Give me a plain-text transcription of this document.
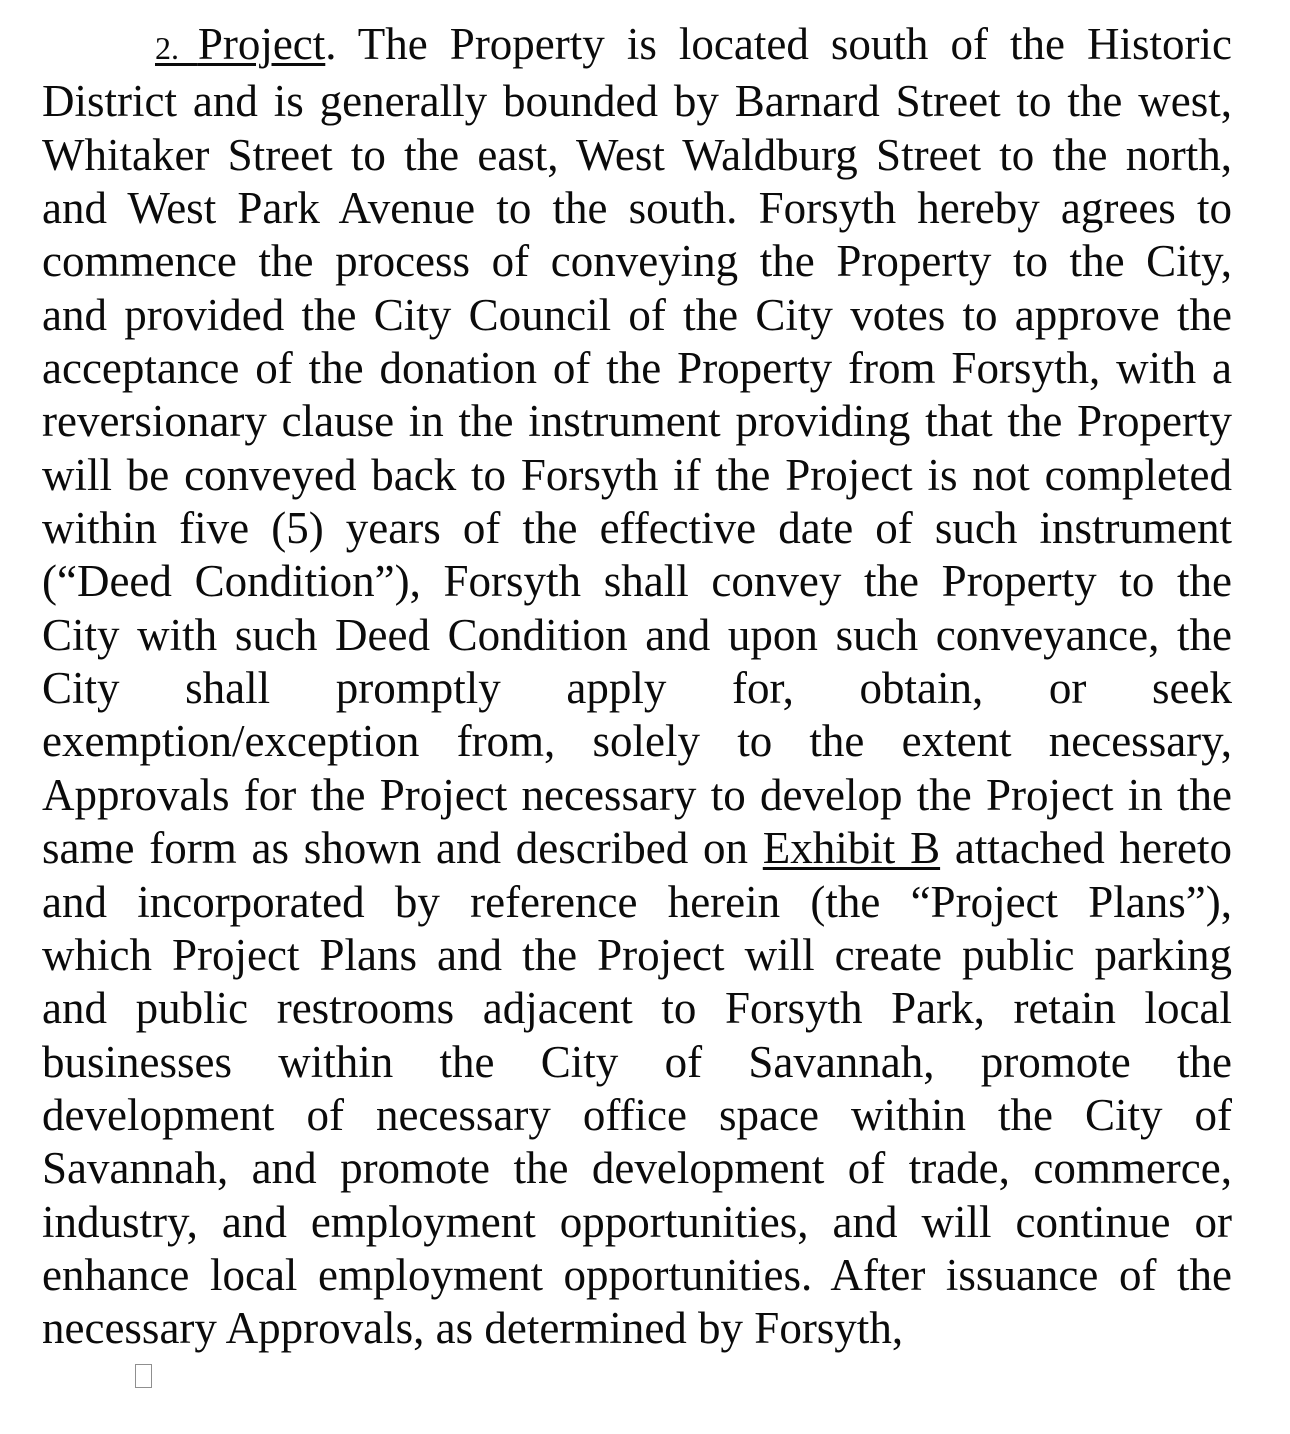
2. Project. The Property is located south of the Historic
District and is generally bounded by Barnard Street to the west,
Whitaker Street to the east, West Waldburg Street to the north,
and West Park Avenue to the south. Forsyth hereby agrees to
commence the process of conveying the Property to the City,
and provided the City Council of the City votes to approve the
acceptance of the donation of the Property from Forsyth, with a
reversionary clause in the instrument providing that the Property
will be conveyed back to Forsyth if the Project is not completed
within five (5) years of the effective date of such instrument
(“Deed Condition”), Forsyth shall convey the Property to the
City with such Deed Condition and upon such conveyance, the
City shall promptly apply for, obtain, or seek
exemption/exception from, solely to the extent necessary,
Approvals for the Project necessary to develop the Project in the
same form as shown and described on Exhibit B attached hereto
and incorporated by reference herein (the “Project Plans”),
which Project Plans and the Project will create public parking
and public restrooms adjacent to Forsyth Park, retain local
businesses within the City of Savannah, promote the
development of necessary office space within the City of
Savannah, and promote the development of trade, commerce,
industry, and employment opportunities, and will continue or
enhance local employment opportunities. After issuance of the
necessary Approvals, as determined by Forsyth,
